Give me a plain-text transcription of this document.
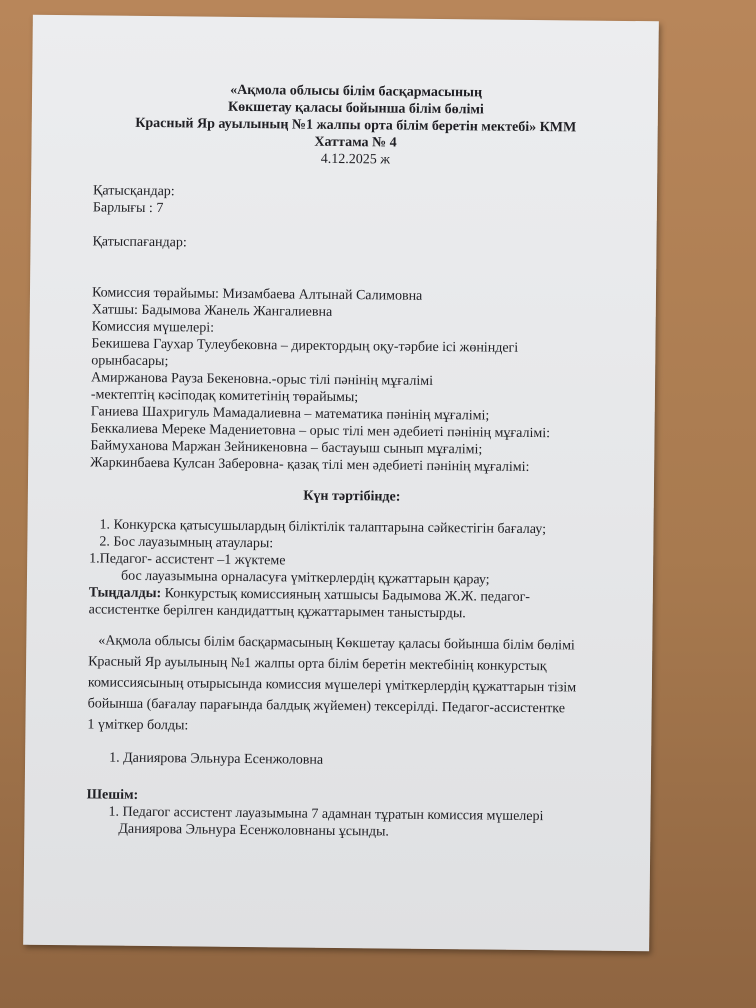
«Ақмола облысы білім басқармасының
Көкшетау қаласы бойынша білім бөлімі
Красный Яр ауылының №1 жалпы орта білім беретін мектебі» КММ
Хаттама № 4
4.12.2025 ж
Қатысқандар:
Барлығы : 7
Қатыспағандар:
Комиссия төрайымы: Мизамбаева Алтынай Салимовна
Хатшы: Бадымова Жанель Жангалиевна
Комиссия мүшелері:
Бекишева Гаухар Тулеубековна – директордың оқу-тәрбие ісі жөніндегі
орынбасары;
Амиржанова Рауза Бекеновна.-орыс тілі пәнінің мұғалімі
-мектептің кәсіподақ комитетінің төрайымы;
Ганиева Шахригуль Мамадалиевна – математика пәнінің мұғалімі;
Беккалиева Мереке Мадениетовна – орыс тілі мен әдебиеті пәнінің мұғалімі:
Баймуханова Маржан Зейникеновна – бастауыш сынып мұғалімі;
Жаркинбаева Кулсан Заберовна- қазақ тілі мен әдебиеті пәнінің мұғалімі:
Күн тәртібінде:
1. Конкурска қатысушылардың біліктілік талаптарына сәйкестігін бағалау;
2. Бос лауазымның атаулары:
1.Педагог- ассистент –1 жүктеме
бос лауазымына орналасуға үміткерлердің құжаттарын қарау;
Тыңдалды: Конкурстық комиссияның хатшысы Бадымова Ж.Ж. педагог-
ассистентке берілген кандидаттың құжаттарымен таныстырды.
«Ақмола облысы білім басқармасының Көкшетау қаласы бойынша білім бөлімі
Красный Яр ауылының №1 жалпы орта білім беретін мектебінің конкурстық
комиссиясының отырысында комиссия мүшелері үміткерлердің құжаттарын тізім
бойынша (бағалау парағында балдық жүйемен) тексерілді. Педагог-ассистентке
1 үміткер болды:
1. Даниярова Эльнура Есенжоловна
Шешім:
1. Педагог ассистент лауазымына 7 адамнан тұратын комиссия мүшелері
Даниярова Эльнура Есенжоловнаны ұсынды.
